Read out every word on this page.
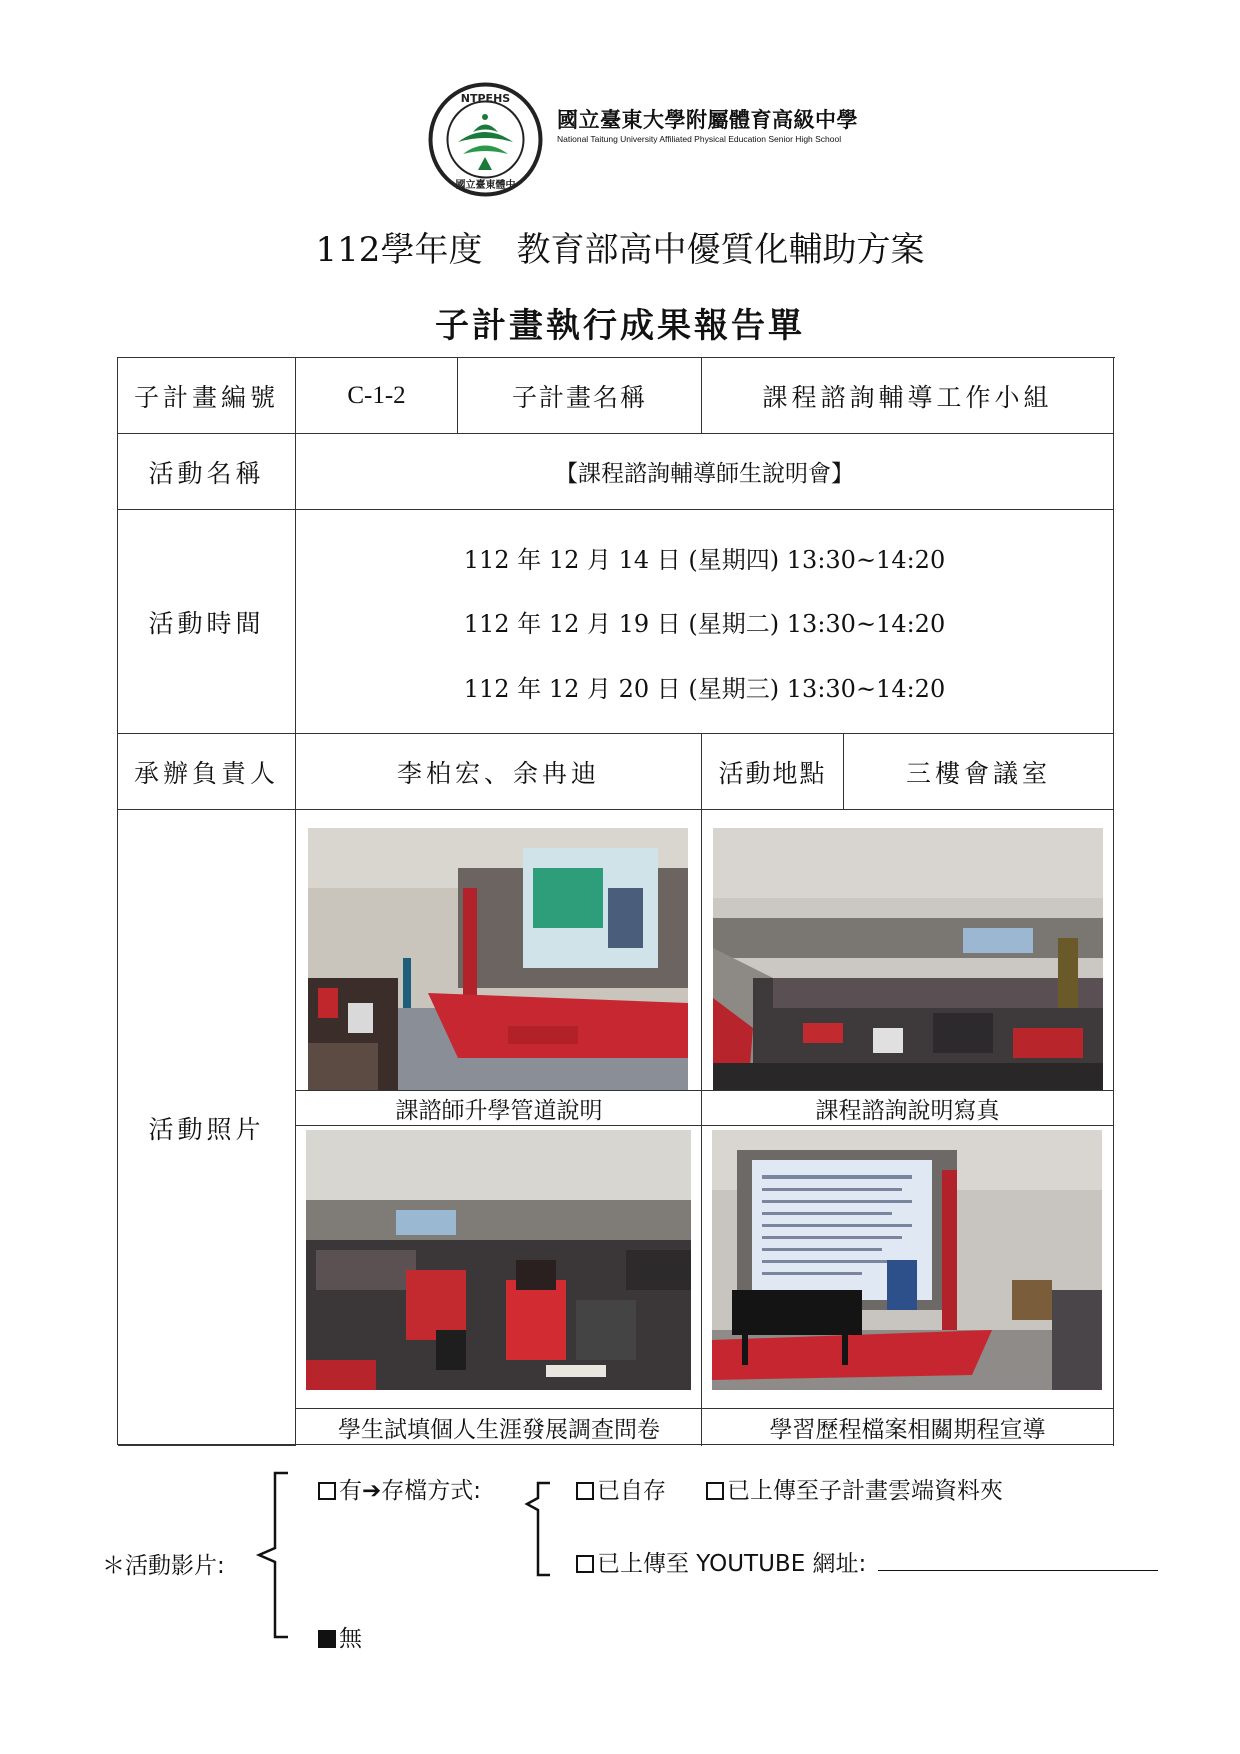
NTPEHS
國立臺東體中
國立臺東大學附屬體育高級中學
National Taitung University Affiliated Physical Education Senior High School
112學年度　教育部高中優質化輔助方案
子計畫執行成果報告單
子計畫編號	C-1-2	子計畫名稱	課程諮詢輔導工作小組
活動名稱	【課程諮詢輔導師生說明會】
活動時間
112 年 12 月 14 日 (星期四) 13:30~14:20
112 年 12 月 19 日 (星期二) 13:30~14:20
112 年 12 月 20 日 (星期三) 13:30~14:20
承辦負責人	李柏宏、余冉迪	活動地點	三樓會議室
活動照片
課諮師升學管道說明	課程諮詢說明寫真
學生試填個人生涯發展調查問卷	學習歷程檔案相關期程宣導
＊活動影片:
有➔存檔方式:	已自存	已上傳至子計畫雲端資料夾
已上傳至 YOUTUBE 網址:
無
